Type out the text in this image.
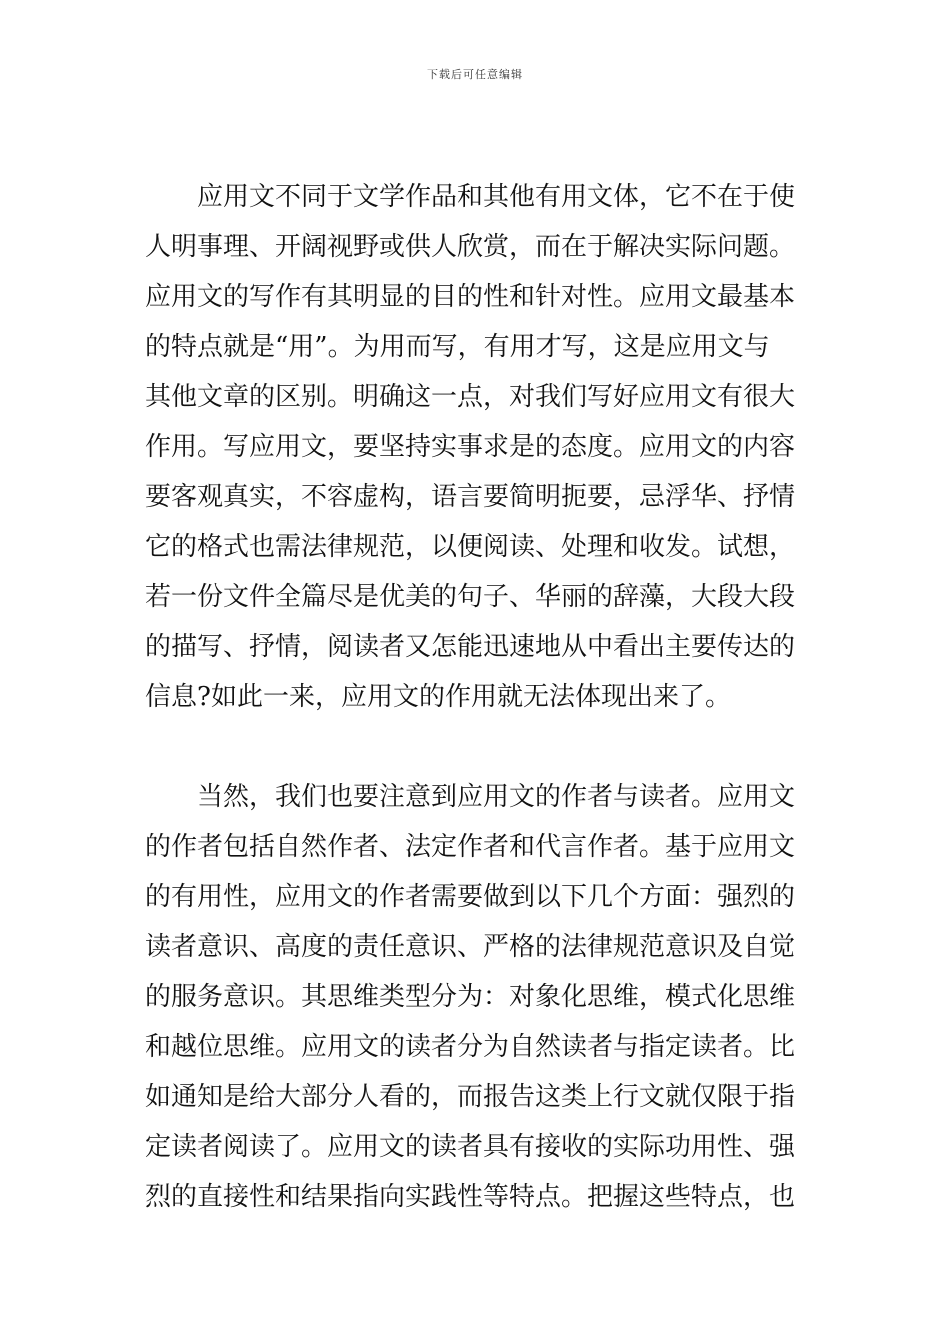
下载后可任意编辑
应用文不同于文学作品和其他有用文体，它不在于使
人明事理、开阔视野或供人欣赏，而在于解决实际问题。
应用文的写作有其明显的目的性和针对性。应用文最基本
的特点就是“用”。为用而写，有用才写，这是应用文与
其他文章的区别。明确这一点，对我们写好应用文有很大
作用。写应用文，要坚持实事求是的态度。应用文的内容
要客观真实，不容虚构，语言要简明扼要，忌浮华、抒情
它的格式也需法律规范，以便阅读、处理和收发。试想，
若一份文件全篇尽是优美的句子、华丽的辞藻，大段大段
的描写、抒情，阅读者又怎能迅速地从中看出主要传达的
信息?如此一来，应用文的作用就无法体现出来了。
当然，我们也要注意到应用文的作者与读者。应用文
的作者包括自然作者、法定作者和代言作者。基于应用文
的有用性，应用文的作者需要做到以下几个方面：强烈的
读者意识、高度的责任意识、严格的法律规范意识及自觉
的服务意识。其思维类型分为：对象化思维，模式化思维
和越位思维。应用文的读者分为自然读者与指定读者。比
如通知是给大部分人看的，而报告这类上行文就仅限于指
定读者阅读了。应用文的读者具有接收的实际功用性、强
烈的直接性和结果指向实践性等特点。把握这些特点，也
